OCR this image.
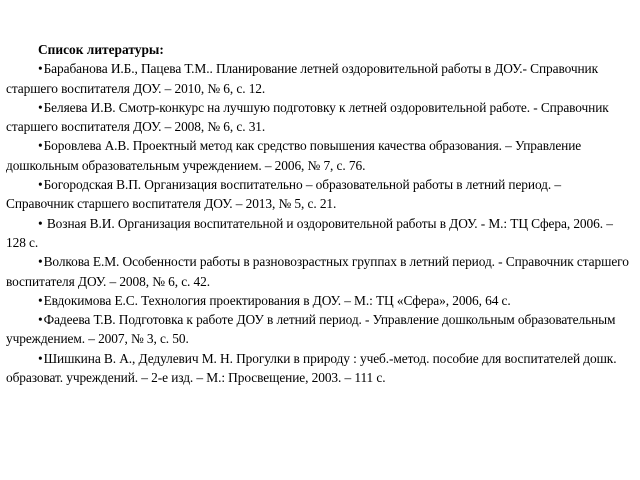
Список литературы:

•Барабанова И.Б., Пацева Т.М.. Планирование летней оздоровительной работы в ДОУ.- Справочник старшего воспитателя ДОУ. – 2010, № 6, с. 12.
•Беляева И.В. Смотр-конкурс на лучшую подготовку к летней оздоровительной работе. - Справочник старшего воспитателя ДОУ. – 2008, № 6, с. 31.
•Боровлева А.В. Проектный метод как средство повышения качества образования. – Управление дошкольным образовательным учреждением. – 2006, № 7, с. 76.
•Богородская В.П. Организация воспитательно – образовательной работы в летний период. – Справочник старшего воспитателя ДОУ. – 2013, № 5, с. 21.
• Возная В.И. Организация воспитательной и оздоровительной работы в ДОУ. - М.: ТЦ Сфера, 2006. – 128 с.
•Волкова Е.М. Особенности работы в разновозрастных группах в летний период. - Справочник старшего воспитателя ДОУ. – 2008, № 6, с. 42.
•Евдокимова Е.С. Технология проектирования в ДОУ. – М.: ТЦ «Сфера», 2006, 64 с.
•Фадеева Т.В. Подготовка к работе ДОУ в летний период. - Управление дошкольным образовательным учреждением. – 2007, № 3, с. 50.
•Шишкина В. А., Дедулевич М. Н. Прогулки в природу : учеб.-метод. пособие для воспитателей дошк. образоват. учреждений. – 2-е изд. – М.: Просвещение, 2003. – 111 с.
